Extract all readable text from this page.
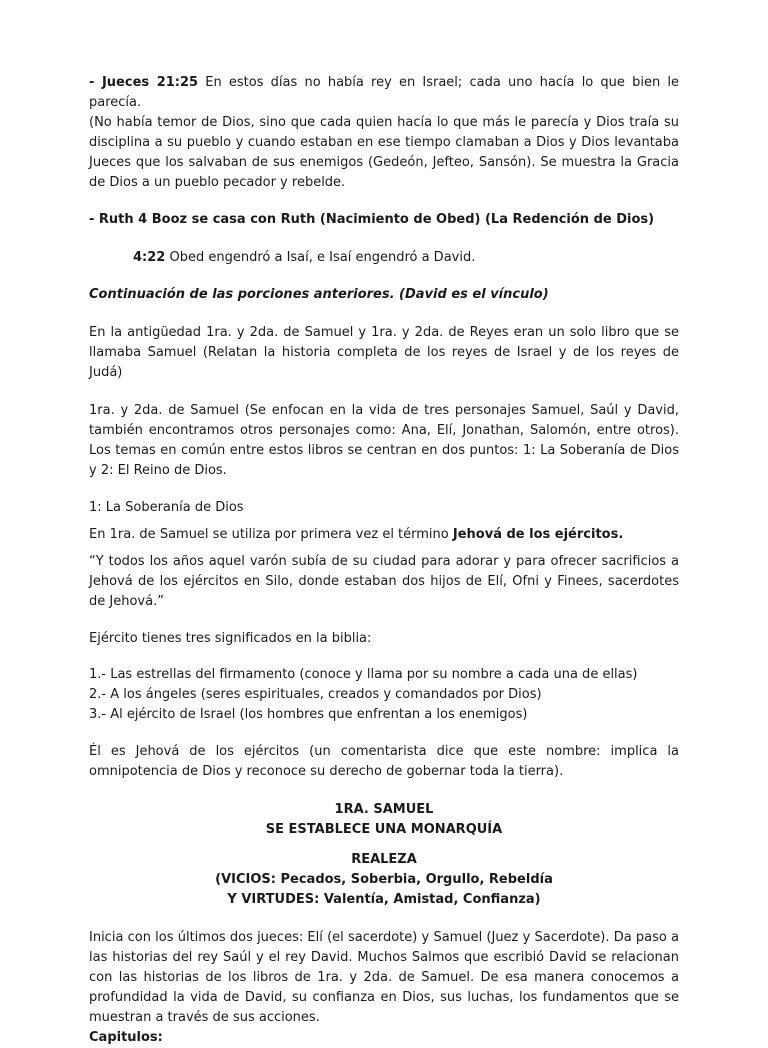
- Jueces 21:25 En estos días no había rey en Israel; cada uno hacía lo que bien le parecía.

(No había temor de Dios, sino que cada quien hacía lo que más le parecía y Dios traía su disciplina a su pueblo y cuando estaban en ese tiempo clamaban a Dios y Dios levantaba Jueces que los salvaban de sus enemigos (Gedeón, Jefteo, Sansón). Se muestra la Gracia de Dios a un pueblo pecador y rebelde.

- Ruth 4 Booz se casa con Ruth (Nacimiento de Obed) (La Redención de Dios)

4:22 Obed engendró a Isaí, e Isaí engendró a David.

Continuación de las porciones anteriores. (David es el vínculo)

En la antigüedad 1ra. y 2da. de Samuel y 1ra. y 2da. de Reyes eran un solo libro que se llamaba Samuel (Relatan la historia completa de los reyes de Israel y de los reyes de Judá)

1ra. y 2da. de Samuel (Se enfocan en la vida de tres personajes Samuel, Saúl y David, también encontramos otros personajes como: Ana, Elí, Jonathan, Salomón, entre otros). Los temas en común entre estos libros se centran en dos puntos: 1: La Soberanía de Dios y 2: El Reino de Dios.

1: La Soberanía de Dios

En 1ra. de Samuel se utiliza por primera vez el término Jehová de los ejércitos.

“Y todos los años aquel varón subía de su ciudad para adorar y para ofrecer sacrificios a Jehová de los ejércitos en Silo, donde estaban dos hijos de Elí, Ofni y Finees, sacerdotes de Jehová.”

Ejército tienes tres significados en la biblia:

1.- Las estrellas del firmamento (conoce y llama por su nombre a cada una de ellas)

2.- A los ángeles (seres espirituales, creados y comandados por Dios)

3.- Al ejército de Israel (los hombres que enfrentan a los enemigos)

Él es Jehová de los ejércitos (un comentarista dice que este nombre: implica la omnipotencia de Dios y reconoce su derecho de gobernar toda la tierra).

1RA. SAMUEL

SE ESTABLECE UNA MONARQUÍA

REALEZA

(VICIOS: Pecados, Soberbia, Orgullo, Rebeldía

Y VIRTUDES: Valentía, Amistad, Confianza)

Inicia con los últimos dos jueces: Elí (el sacerdote) y Samuel (Juez y Sacerdote). Da paso a las historias del rey Saúl y el rey David. Muchos Salmos que escribió David se relacionan con las historias de los libros de 1ra. y 2da. de Samuel. De esa manera conocemos a profundidad la vida de David, su confianza en Dios, sus luchas, los fundamentos que se muestran a través de sus acciones.

Capitulos:
